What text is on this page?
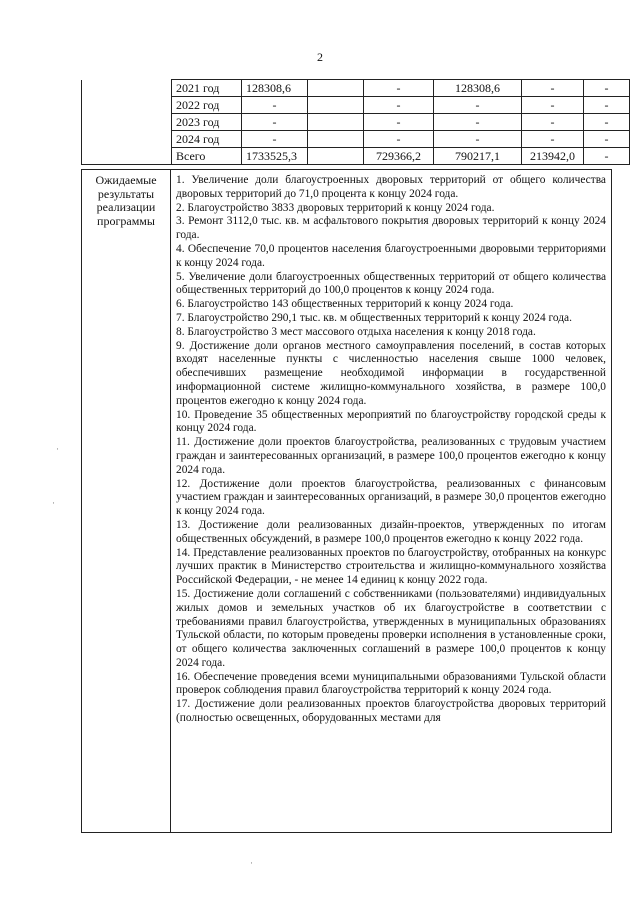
2
	2021 год	128308,6		-	128308,6	-	-
	2022 год	-		-	-	-	-
	2023 год	-		-	-	-	-
	2024 год	-		-	-	-	-
	Всего	1733525,3		729366,2	790217,1	213942,0	-
Ожидаемые результаты реализации программы	

1. Увеличение доли благоустроенных дворовых территорий от общего количества дворовых территорий до 71,0 процента к концу 2024 года.

2. Благоустройство 3833 дворовых территорий к концу 2024 года.

3. Ремонт 3112,0 тыс. кв. м асфальтового покрытия дворовых территорий к концу 2024 года.

4. Обеспечение 70,0 процентов населения благоустроенными дворовыми территориями к концу 2024 года.

5. Увеличение доли благоустроенных общественных территорий от общего количества общественных территорий до 100,0 процентов к концу 2024 года.

6. Благоустройство 143 общественных территорий к концу 2024 года.

7. Благоустройство 290,1 тыс. кв. м общественных территорий к концу 2024 года.

8. Благоустройство 3 мест массового отдыха населения к концу 2018 года.

9. Достижение доли органов местного самоуправления поселений, в состав которых входят населенные пункты с численностью населения свыше 1000 человек, обеспечивших размещение необходимой информации в государственной информационной системе жилищно-коммунального хозяйства, в размере 100,0 процентов ежегодно к концу 2024 года.

10. Проведение 35 общественных мероприятий по благоустройству городской среды к концу 2024 года.

11. Достижение доли проектов благоустройства, реализованных с трудовым участием граждан и заинтересованных организаций, в размере 100,0 процентов ежегодно к концу 2024 года.

12. Достижение доли проектов благоустройства, реализованных с финансовым участием граждан и заинтересованных организаций, в размере 30,0 процентов ежегодно к концу 2024 года.

13. Достижение доли реализованных дизайн-проектов, утвержденных по итогам общественных обсуждений, в размере 100,0 процентов ежегодно к концу 2022 года.

14. Представление реализованных проектов по благоустройству, отобранных на конкурс лучших практик в Министерство строительства и жилищно-коммунального хозяйства Российской Федерации, - не менее 14 единиц к концу 2022 года.

15. Достижение доли соглашений с собственниками (пользователями) индивидуальных жилых домов и земельных участков об их благоустройстве в соответствии с требованиями правил благоустройства, утвержденных в муниципальных образованиях Тульской области, по которым проведены проверки исполнения в установленные сроки, от общего количества заключенных соглашений в размере 100,0 процентов к концу 2024 года.

16. Обеспечение проведения всеми муниципальными образованиями Тульской области проверок соблюдения правил благоустройства территорий к концу 2024 года.

17. Достижение доли реализованных проектов благоустройства дворовых территорий (полностью освещенных, оборудованных местами для

·
·
·
